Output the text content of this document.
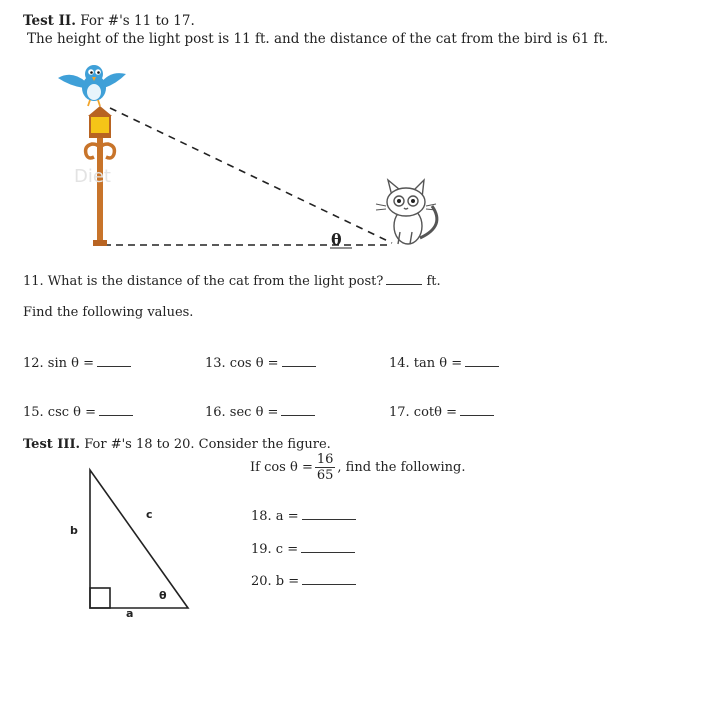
Test II. For #'s 11 to 17.
The height of the light post is 11 ft. and the distance of the cat from the bird is 61 ft.
Diet
θ
11. What is the distance of the cat from the light post?	ft.
Find the following values.
12. sin θ =	13. cos θ =	14. tan θ =
15. csc θ =	16. sec θ =	17. cotθ =
Test III. For #'s 18 to 20. Consider the figure.
If $\cos \theta = \frac{16}{65}$ , find the following.
b
c
θ
a
18. a =
19. c =
20. b =
